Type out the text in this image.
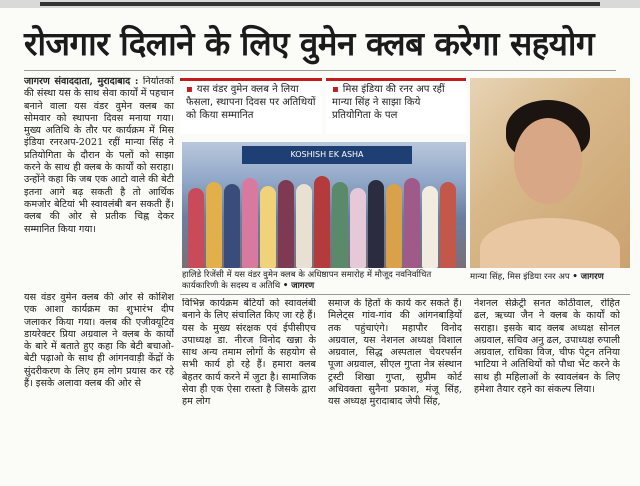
रोजगार दिलाने के लिए वुमेन क्लब करेगा सहयोग
जागरण संवाददाता, मुरादाबाद : निर्यातकों की संस्था यस के साथ सेवा कार्यों में पहचान बनाने वाला यस वंडर वुमेन क्लब का सोमवार को स्थापना दिवस मनाया गया। मुख्य अतिथि के तौर पर कार्यक्रम में मिस इंडिया रनरअप-2021 रहीं मान्या सिंह ने प्रतियोगिता के दौरान के पलों को साझा करने के साथ ही क्लब के कार्यों को सराहा। उन्होंने कहा कि जब एक आटो वाले की बेटी इतना आगे बढ़ सकती है तो आर्थिक कमजोर बेटियां भी स्वावलंबी बन सकती हैं। क्लब की ओर से प्रतीक चिह्न देकर सम्मानित किया गया।
यस वंडर वुमेन क्लब की ओर से कोशिश एक आशा कार्यक्रम का शुभारंभ दीप जलाकर किया गया। क्लब की एजीक्यूटिव डायरेक्टर प्रिया अग्रवाल ने क्लब के कार्यों के बारे में बताते हुए कहा कि बेटी बचाओ-बेटी पढ़ाओ के साथ ही आंगनवाड़ी केंद्रों के सुंदरीकरण के लिए हम लोग प्रयास कर रहे हैं। इसके अलावा क्लब की ओर से
▪ यस वंडर वुमेन क्लब ने लिया फैसला, स्थापना दिवस पर अतिथियों को किया सम्मानित
▪ मिस इंडिया की रनर अप रहीं मान्या सिंह ने साझा किये प्रतियोगिता के पल
KOSHISH EK ASHA
हालिडे रिजेंसी में यस वंडर वुमेन क्लब के अधिष्ठापन समारोह में मौजूद नवनिर्वाचित कार्यकारिणी के सदस्य व अतिथि • जागरण
मान्या सिंह, मिस इंडिया रनर अप • जागरण
विभिन्न कार्यक्रम बेटियों को स्वावलंबी बनाने के लिए संचालित किए जा रहे हैं। यस के मुख्य संरक्षक एवं ईपीसीएच उपाध्यक्ष डा. नीरज विनोद खन्ना के साथ अन्य तमाम लोगों के सहयोग से सभी कार्य हो रहे हैं। हमारा क्लब बेहतर कार्य करने में जुटा है। सामाजिक सेवा ही एक ऐसा रास्ता है जिसके द्वारा हम लोग
समाज के हितों के कार्य कर सकते हैं। मिलेट्स गांव-गांव की आंगनबाड़ियों तक पहुंचाएंगे। महापौर विनोद अग्रवाल, यस नेशनल अध्यक्ष विशाल अग्रवाल, सिद्ध अस्पताल चेयरपर्सन पूजा अग्रवाल, सीएल गुप्ता नेत्र संस्थान ट्रस्टी शिखा गुप्ता, सुप्रीम कोर्ट अधिवक्ता सुनैना प्रकाश, मंजू सिंह, यस अध्यक्ष मुरादाबाद जेपी सिंह,
नेशनल सेक्रेट्री सनत कोठीवाल, रोहित ढल, ऋच्या जैन ने क्लब के कार्यों को सराहा। इसके बाद क्लब अध्यक्ष सोनल अग्रवाल, सचिव अनु ढल, उपाध्यक्ष रुपाली अग्रवाल, राधिका विज, चीफ पेट्रन तनिया भाटिया ने अतिथियों को पौधा भेंट करने के साथ ही महिलाओं के स्वावलंबन के लिए हमेशा तैयार रहने का संकल्प लिया।
